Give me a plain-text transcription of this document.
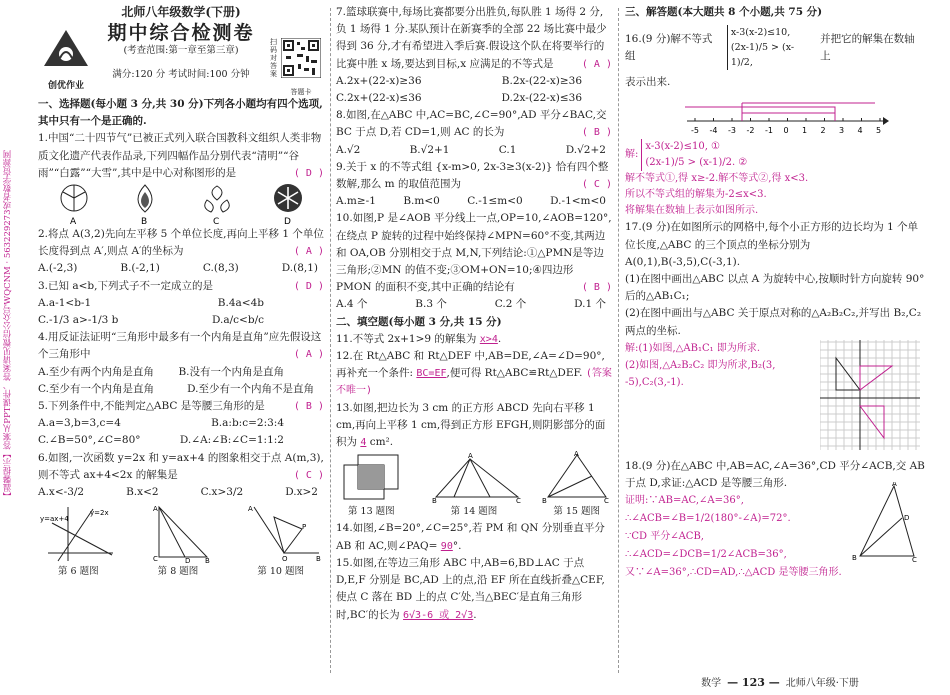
【温馨提示】答案从PPT课件、答案请见微信公众号WQCNM · 563229273或者数学资源网
创优作业
北师八年级数学(下册)
期中综合检测卷
(考查范围:第一章至第三章)
答题卡
扫码对答案
满分:120 分 考试时间:100 分钟

一、选择题(每小题 3 分,共 30 分)下列各小题均有四个选项,其中只有一个是正确的.

1.中国“二十四节气”已被正式列入联合国教科文组织人类非物质文化遗产代表作品录,下列四幅作品分别代表“清明”“谷雨”“白露”“大雪”,其中是中心对称图形的是	( D )

A	B	C	D

2.将点 A(3,2)先向左平移 5 个单位长度,再向上平移 1 个单位长度得到点 A′,则点 A′的坐标为	( A )

A.(-2,3)	B.(-2,1)	C.(8,3)	D.(8,1)

3.已知 a<b,下列式子不一定成立的是	( D )

A.a-1<b-1	B.4a<4b
C.-1/3 a>-1/3 b	D.a/c<b/c

4.用反证法证明“三角形中最多有一个内角是直角”应先假设这个三角形中	( A )

A.至少有两个内角是直角 B.没有一个内角是直角
C.至少有一个内角是直角	D.至少有一个内角不是直角

5.下列条件中,不能判定△ABC 是等腰三角形的是	( B )

A.a=3,b=3,c=4	B.a:b:c=2:3:4
C.∠B=50°,∠C=80°	D.∠A:∠B:∠C=1:1:2

6.如图,一次函数 y=2x 和 y=ax+4 的图象相交于点 A(m,3),则不等式 ax+4<2x 的解集是	( C )

A.x<-3/2	B.x<2	C.x>3/2	D.x>2
y=2x
y=ax+4
A
C	D B
A
O	B
P
第 6 题图	第 8 题图	第 10 题图

7.篮球联赛中,每场比赛都要分出胜负,每队胜 1 场得 2 分,负 1 场得 1 分.某队预计在新赛季的全部 22 场比赛中最少得到 36 分,才有希望进入季后赛.假设这个队在将要举行的比赛中胜 x 场,要达到目标,x 应满足的不等式是	( A )

A.2x+(22-x)≥36	B.2x-(22-x)≥36
C.2x+(22-x)≤36	D.2x-(22-x)≤36

8.如图,在△ABC 中,AC=BC,∠C=90°,AD 平分∠BAC,交 BC 于点 D,若 CD=1,则 AC 的长为	( B )

A.√2	B.√2+1	C.1	D.√2+2

9.关于 x 的不等式组 {x-m>0, 2x-3≥3(x-2)} 恰有四个整数解,那么 m 的取值范围为	( C )

A.m≥-1	B.m<0	C.-1≤m<0	D.-1<m<0

10.如图,P 是∠AOB 平分线上一点,OP=10,∠AOB=120°,在绕点 P 旋转的过程中始终保持∠MPN=60°不变,其两边和 OA,OB 分别相交于点 M,N,下列结论:①△PMN是等边三角形;②MN 的值不变;③OM+ON=10;④四边形 PMON 的面积不变,其中正确的结论有	( B )

A.4 个	B.3 个	C.2 个	D.1 个

二、填空题(每小题 3 分,共 15 分)

11.不等式 2x+1>9 的解集为 x>4.

12.在 Rt△ABC 和 Rt△DEF 中,AB=DE,∠A=∠D=90°,再补充一个条件: BC=EF,便可得 Rt△ABC≌Rt△DEF. (答案不唯一)

13.如图,把边长为 3 cm 的正方形 ABCD 先向右平移 1 cm,再向上平移 1 cm,得到正方形 EFGH,则阴影部分的面积为 4 cm².

A
B	C
A
B	C
第 13 题图	第 14 题图	第 15 题图

14.如图,∠B=20°,∠C=25°,若 PM 和 QN 分别垂直平分 AB 和 AC,则∠PAQ= 90°.

15.如图,在等边三角形 ABC 中,AB=6,BD⊥AC 于点 D,E,F 分别是 BC,AD 上的点,沿 EF 所在直线折叠△CEF,使点 C 落在 BD 上的点 C′处,当△BEC′是直角三角形时,BC′的长为 6√3-6 或 2√3.

三、解答题(本大题共 8 个小题,共 75 分)

16.(9 分)解不等式组
x-3(x-2)≤10,
(2x-1)/5 > (x-1)/2,
并把它的解集在数轴上

表示出来.

-5 -4 -3 -2 -1 0 1 2 3 4 5
解:
x-3(x-2)≤10, ①
(2x-1)/5 > (x-1)/2. ②
解不等式①,得 x≥-2.解不等式②,得 x<3.
所以不等式组的解集为-2≤x<3.
将解集在数轴上表示如图所示.

17.(9 分)在如图所示的网格中,每个小正方形的边长均为 1 个单位长度,△ABC 的三个顶点的坐标分别为 A(0,1),B(-3,5),C(-3,1).

(1)在图中画出△ABC 以点 A 为旋转中心,按顺时针方向旋转 90°后的△AB₁C₁;

(2)在图中画出与△ABC 关于原点对称的△A₂B₂C₂,并写出 B₂,C₂ 两点的坐标.

解:(1)如图,△AB₁C₁ 即为所求.
(2)如图,△A₂B₂C₂ 即为所求,B₂(3,
-5),C₂(3,-1).

18.(9 分)在△ABC 中,AB=AC,∠A=36°,CD 平分∠ACB,交 AB 于点 D,求证:△ACD 是等腰三角形.

证明:∵AB=AC,∠A=36°,
∴∠ACB=∠B=1/2(180°-∠A)=72°.
∵CD 平分∠ACB,
∴∠ACD=∠DCB=1/2∠ACB=36°,
又∵∠A=36°,∴CD=AD,∴△ACD 是等腰三角形.
A
B	C
D
数学 — 123 — 北师八年级·下册
